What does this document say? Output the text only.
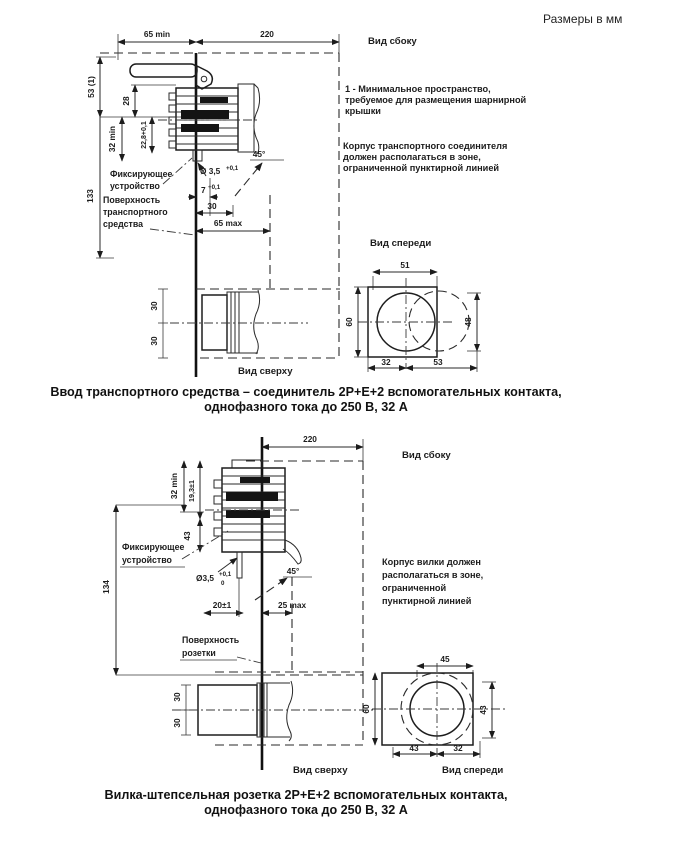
Размеры в мм
65 min	220
53 (1)
28
32 min	22,8+0,1
133
Фиксирующее
устройство
Поверхность
транспортного
средства
Ø 3,5 +0,1
7 +0,1
30
65 max
45°
Вид сбоку
1 - Минимальное пространство,
требуемое для размещения шарнирной
крышки
Корпус транспортного соединителя
должен располагаться в зоне,
ограниченной пунктирной линией
Вид спереди
51
60	48
32	53
30
30
Вид сверху
Ввод транспортного средства – соединитель 2P+E+2 вспомогательных контакта,
однофазного тока до 250 В, 32 А
220
134
32 min 19,3±1
43
Фиксирующее
устройство
Поверхность
розетки
Ø3,5 +0,1
0
45°
20±1	25 max
Вид сбоку
Корпус вилки должен
располагаться в зоне,
ограниченной
пунктирной линией
30
30
Вид сверху
45
60	43
43	32
Вид спереди
Вилка-штепсельная розетка 2P+E+2 вспомогательных контакта,
однофазного тока до 250 В, 32 А
